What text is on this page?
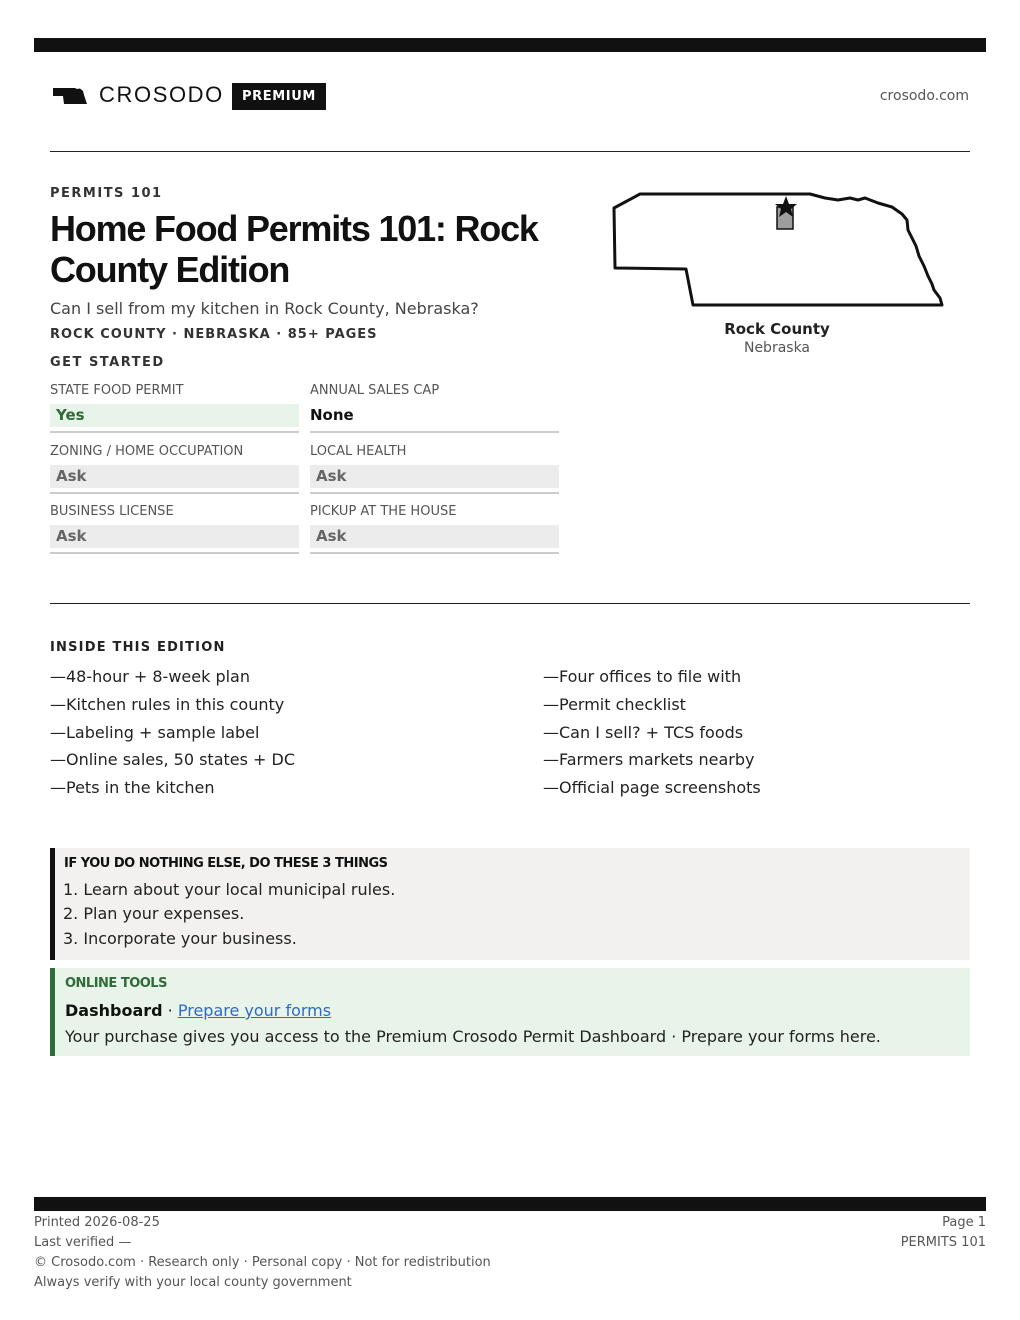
CROSODO	PREMIUM	crosodo.com
PERMITS 101
Home Food Permits 101: Rock County Edition
Can I sell from my kitchen in Rock County, Nebraska?
ROCK COUNTY · NEBRASKA · 85+ PAGES
GET STARTED
STATE FOOD PERMIT
Yes
ANNUAL SALES CAP
None
ZONING / HOME OCCUPATION
Ask
LOCAL HEALTH
Ask
BUSINESS LICENSE
Ask
PICKUP AT THE HOUSE
Ask
Rock County
Nebraska
INSIDE THIS EDITION
—48-hour + 8-week plan
—Kitchen rules in this county
—Labeling + sample label
—Online sales, 50 states + DC
—Pets in the kitchen
—Four offices to file with
—Permit checklist
—Can I sell? + TCS foods
—Farmers markets nearby
—Official page screenshots
IF YOU DO NOTHING ELSE, DO THESE 3 THINGS
1. Learn about your local municipal rules.
2. Plan your expenses.
3. Incorporate your business.
ONLINE TOOLS
Dashboard · Prepare your forms
Your purchase gives you access to the Premium Crosodo Permit Dashboard · Prepare your forms here.
Printed 2026-08-25
Last verified —
© Crosodo.com · Research only · Personal copy · Not for redistribution
Always verify with your local county government
Page 1
PERMITS 101
